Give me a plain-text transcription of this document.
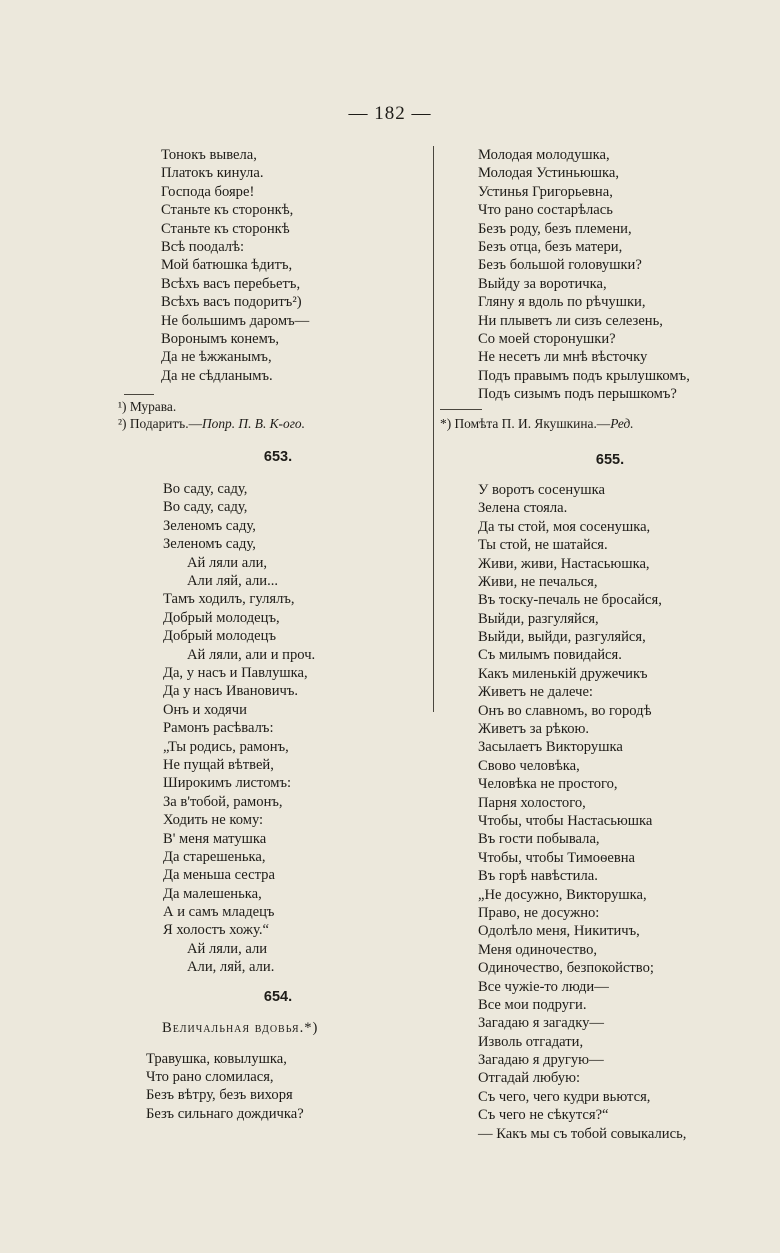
— 182 —
Тонокъ вывела,
Платокъ кинула.
Господа бояре!
Станьте къ сторонкѣ,
Станьте къ сторонкѣ
Всѣ поодалѣ:
Мой батюшка ѣдитъ,
Всѣхъ васъ перебьетъ,
Всѣхъ васъ подоритъ²)
Не большимъ даромъ—
Воронымъ конемъ,
Да не ѣжжанымъ,
Да не сѣдланымъ.
¹) Мурава.
²) Подаритъ.—Попр. П. В. К-ого.
653.
Во саду, саду,
Во саду, саду,
Зеленомъ саду,
Зеленомъ саду,
Ай ляли али,
Али ляй, али...
Тамъ ходилъ, гулялъ,
Добрый молодецъ,
Добрый молодецъ
Ай ляли, али и проч.
Да, у насъ и Павлушка,
Да у насъ Ивановичъ.
Онъ и ходячи
Рамонъ расѣвалъ:
„Ты родись, рамонъ,
Не пущай вѣтвей,
Широкимъ листомъ:
За в'тобой, рамонъ,
Ходить не кому:
В' меня матушка
Да старешенька,
Да меньша сестра
Да малешенька,
А и самъ младецъ
Я холостъ хожу.“
Ай ляли, али
Али, ляй, али.
654.
Величальная вдовья.*)
Травушка, ковылушка,
Что рано сломилася,
Безъ вѣтру, безъ вихоря
Безъ сильнаго дождичка?
Молодая молодушка,
Молодая Устиньюшка,
Устинья Григорьевна,
Что рано состарѣлась
Безъ роду, безъ племени,
Безъ отца, безъ матери,
Безъ большой головушки?
Выйду за воротичка,
Гляну я вдоль по рѣчушки,
Ни плыветъ ли сизъ селезень,
Со моей сторонушки?
Не несетъ ли мнѣ вѣсточку
Подъ правымъ подъ крылушкомъ,
Подъ сизымъ подъ перышкомъ?
*) Помѣта П. И. Якушкина.—Ред.
655.
У воротъ сосенушка
Зелена стояла.
Да ты стой, моя сосенушка,
Ты стой, не шатайся.
Живи, живи, Настасьюшка,
Живи, не печалься,
Въ тоску-печаль не бросайся,
Выйди, разгуляйся,
Выйди, выйди, разгуляйся,
Съ милымъ повидайся.
Какъ миленькій дружечикъ
Живетъ не далече:
Онъ во славномъ, во городѣ
Живетъ за рѣкою.
Засылаетъ Викторушка
Свово человѣка,
Человѣка не простого,
Парня холостого,
Чтобы, чтобы Настасьюшка
Въ гости побывала,
Чтобы, чтобы Тимоѳевна
Въ горѣ навѣстила.
„Не досужно, Викторушка,
Право, не досужно:
Одолѣло меня, Никитичъ,
Меня одиночество,
Одиночество, безпокойство;
Все чужіе-то люди—
Все мои подруги.
Загадаю я загадку—
Изволь отгадати,
Загадаю я другую—
Отгадай любую:
Съ чего, чего кудри вьются,
Съ чего не сѣкутся?“
— Какъ мы съ тобой совыкались,
